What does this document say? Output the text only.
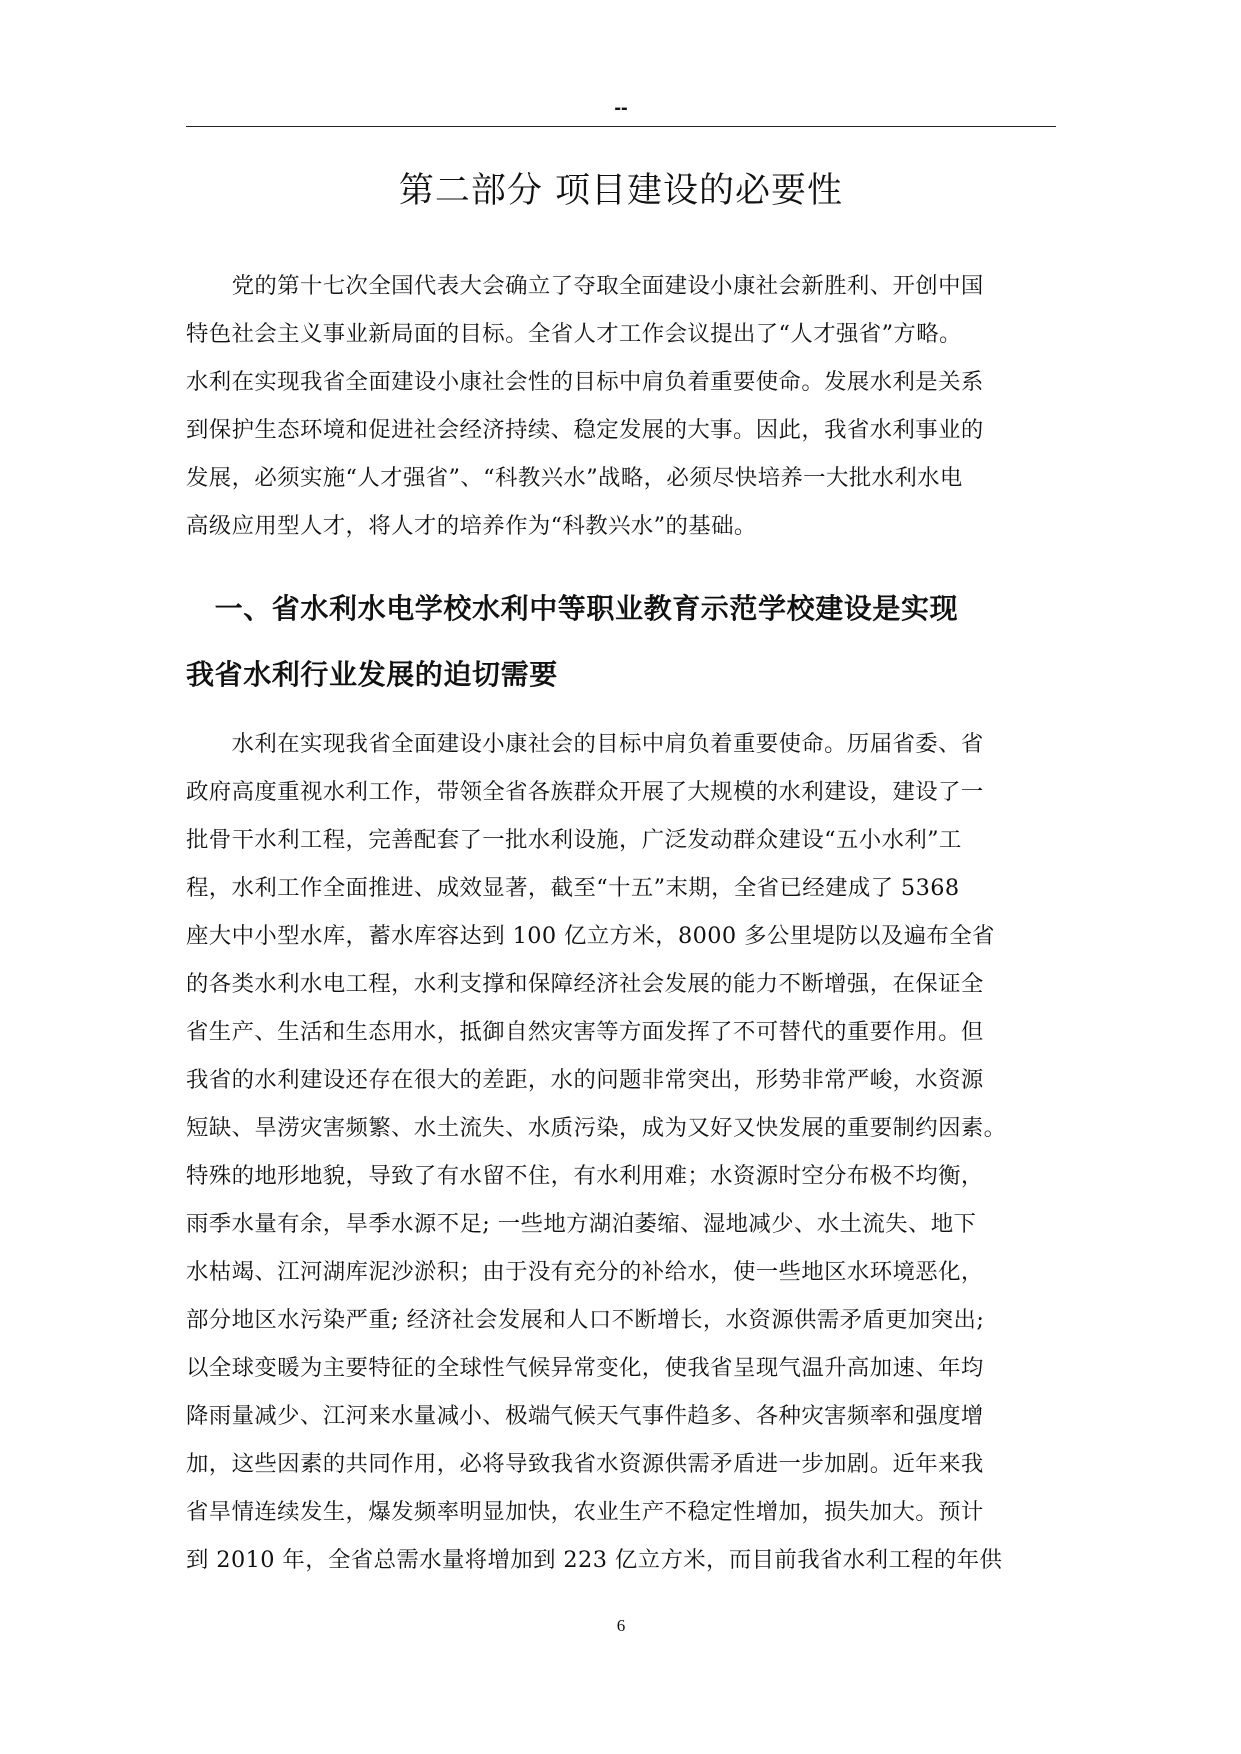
--
第二部分 项目建设的必要性
　　党的第十七次全国代表大会确立了夺取全面建设小康社会新胜利、开创中国
特色社会主义事业新局面的目标。全省人才工作会议提出了“人才强省”方略。
水利在实现我省全面建设小康社会性的目标中肩负着重要使命。发展水利是关系
到保护生态环境和促进社会经济持续、稳定发展的大事。因此，我省水利事业的
发展，必须实施“人才强省”、“科教兴水”战略，必须尽快培养一大批水利水电
高级应用型人才，将人才的培养作为“科教兴水”的基础。
　一、省水利水电学校水利中等职业教育示范学校建设是实现
我省水利行业发展的迫切需要
　　水利在实现我省全面建设小康社会的目标中肩负着重要使命。历届省委、省
政府高度重视水利工作，带领全省各族群众开展了大规模的水利建设，建设了一
批骨干水利工程，完善配套了一批水利设施，广泛发动群众建设“五小水利”工
程，水利工作全面推进、成效显著，截至“十五”末期，全省已经建成了 5368
座大中小型水库，蓄水库容达到 100 亿立方米，8000 多公里堤防以及遍布全省
的各类水利水电工程，水利支撑和保障经济社会发展的能力不断增强，在保证全
省生产、生活和生态用水，抵御自然灾害等方面发挥了不可替代的重要作用。但
我省的水利建设还存在很大的差距，水的问题非常突出，形势非常严峻，水资源
短缺、旱涝灾害频繁、水土流失、水质污染，成为又好又快发展的重要制约因素。
特殊的地形地貌，导致了有水留不住，有水利用难；水资源时空分布极不均衡，
雨季水量有余，旱季水源不足; 一些地方湖泊萎缩、湿地减少、水土流失、地下
水枯竭、江河湖库泥沙淤积；由于没有充分的补给水，使一些地区水环境恶化，
部分地区水污染严重; 经济社会发展和人口不断增长，水资源供需矛盾更加突出;
以全球变暖为主要特征的全球性气候异常变化，使我省呈现气温升高加速、年均
降雨量减少、江河来水量减小、极端气候天气事件趋多、各种灾害频率和强度增
加，这些因素的共同作用，必将导致我省水资源供需矛盾进一步加剧。近年来我
省旱情连续发生，爆发频率明显加快，农业生产不稳定性增加，损失加大。预计
到 2010 年，全省总需水量将增加到 223 亿立方米，而目前我省水利工程的年供
6
